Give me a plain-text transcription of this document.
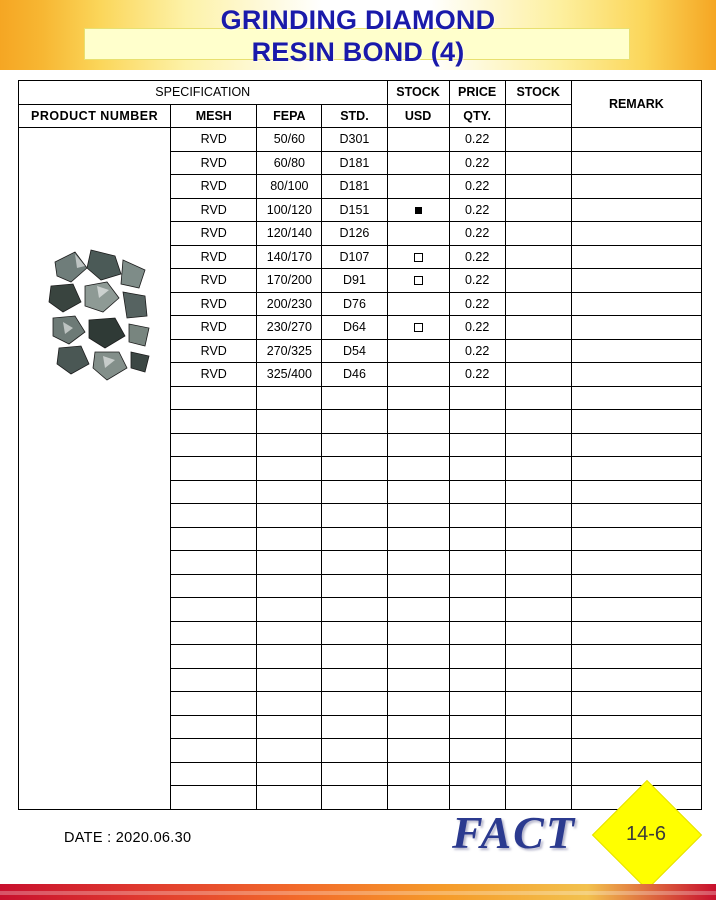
GRINDING DIAMOND
RESIN BOND (4)
SPECIFICATION				STOCK	PRICE	STOCK	REMARK
PRODUCT NUMBER	MESH	FEPA	STD.	USD	QTY.		

	RVD	50/60	D301		0.22		
	RVD	60/80	D181		0.22		
	RVD	80/100	D181		0.22		
	RVD	100/120	D151		0.22		
	RVD	120/140	D126		0.22		
	RVD	140/170	D107		0.22		
	RVD	170/200	D91		0.22		
	RVD	200/230	D76		0.22		
	RVD	230/270	D64		0.22		
	RVD	270/325	D54		0.22		
	RVD	325/400	D46		0.22		

DATE : 2020.06.30	FACT	14-6
